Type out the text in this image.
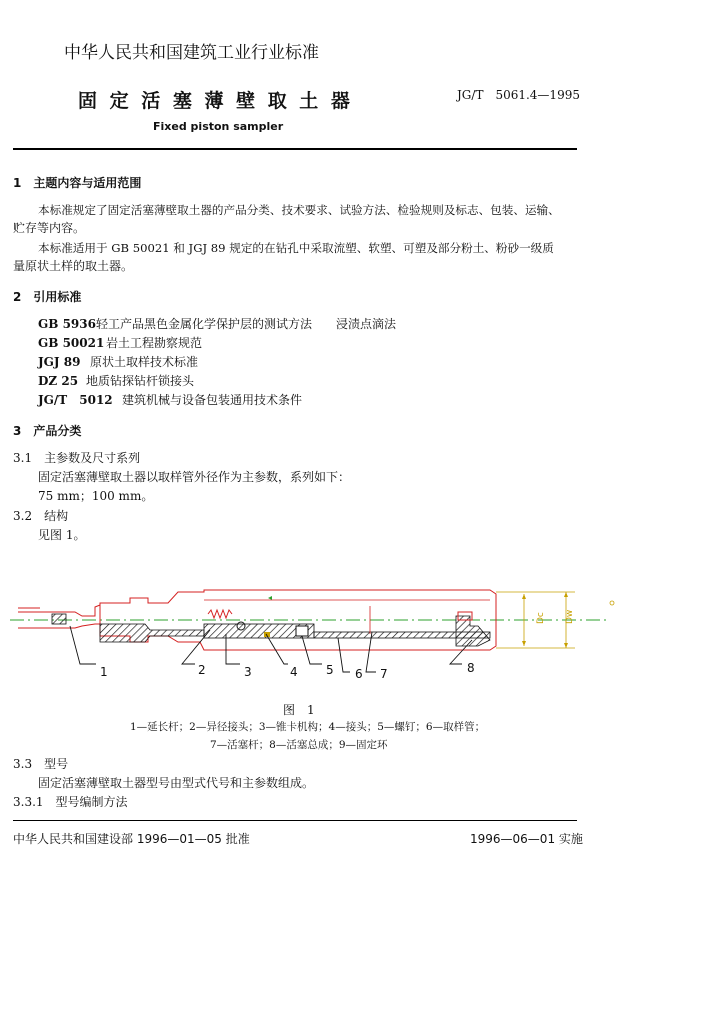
中华人民共和国建筑工业行业标准
固 定 活 塞 薄 壁 取 土 器	JG/T　5061.4—1995
Fixed piston sampler
1　主题内容与适用范围
本标准规定了固定活塞薄壁取土器的产品分类、技术要求、试验方法、检验规则及标志、包装、运输、
贮存等内容。
本标准适用于 GB 50021 和 JGJ 89 规定的在钻孔中采取流塑、软塑、可塑及部分粉土、粉砂一级质
量原状土样的取土器。
2　引用标准
GB 5936轻工产品黑色金属化学保护层的测试方法　　浸渍点滴法
GB 50021 岩土工程勘察规范
JGJ 89 原状土取样技术标准
DZ 25 地质钻探钻杆锁接头
JG/T　5012 建筑机械与设备包装通用技术条件
3　产品分类
3.1　主参数及尺寸系列
固定活塞薄壁取土器以取样管外径作为主参数，系列如下：
75 mm；100 mm。
3.2　结构
见图 1。
Dc Dw
1	2	3	4 5 6 7	8
图　1
1—延长杆；2—异径接头；3—锥卡机构；4—接头；5—螺钉；6—取样管；
7—活塞杆；8—活塞总成；9—固定环
3.3　型号
固定活塞薄壁取土器型号由型式代号和主参数组成。
3.3.1　型号编制方法
中华人民共和国建设部 1996—01—05 批准	1996—06—01 实施
